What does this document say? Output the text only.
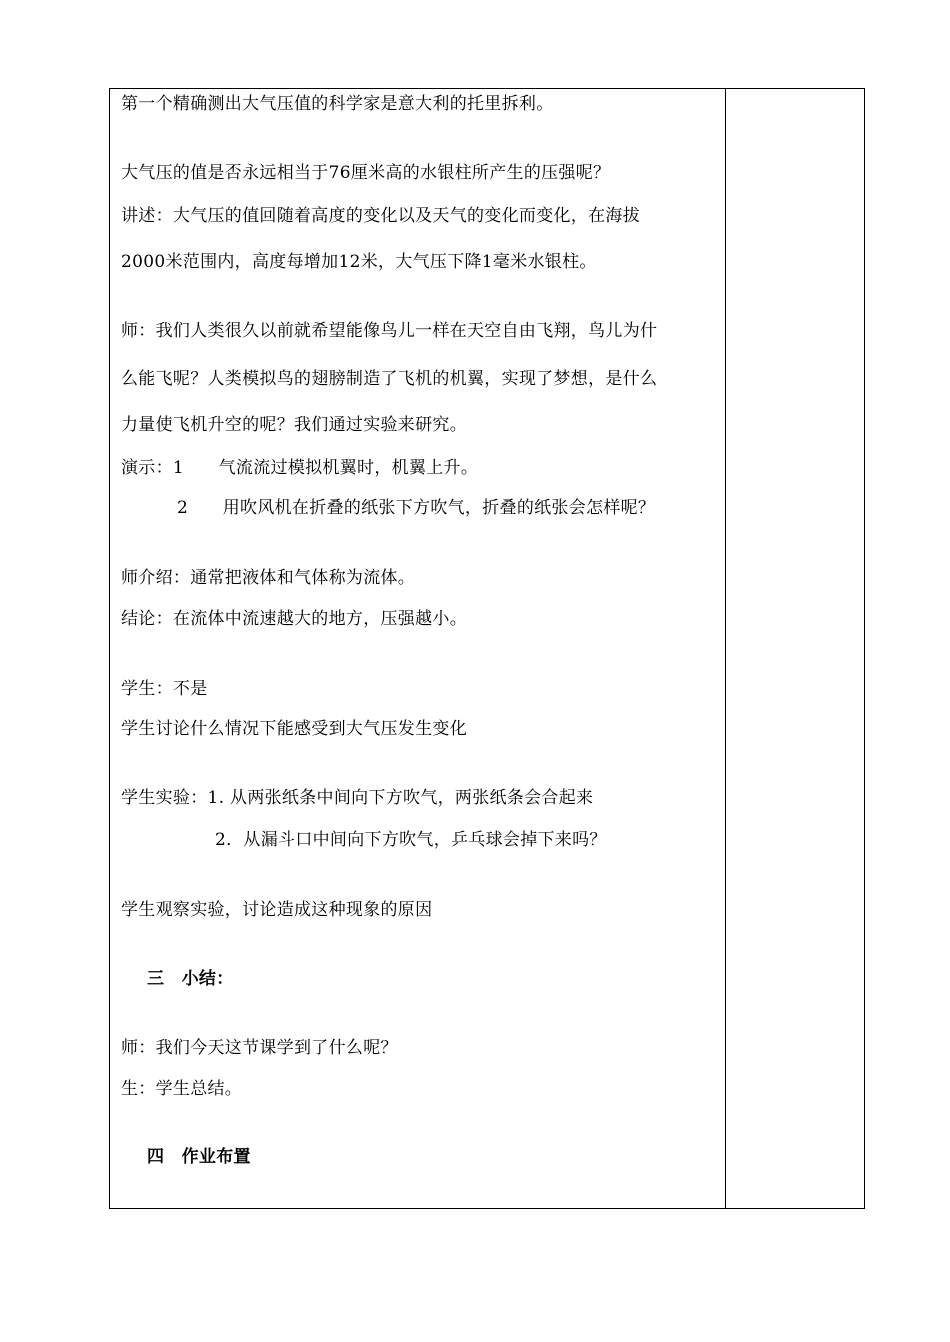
第一个精确测出大气压值的科学家是意大利的托里拆利。
大气压的值是否永远相当于76厘米高的水银柱所产生的压强呢？
讲述：大气压的值回随着高度的变化以及天气的变化而变化，在海拔
2000米范围内，高度每增加12米，大气压下降1毫米水银柱。
师：我们人类很久以前就希望能像鸟儿一样在天空自由飞翔，鸟儿为什
么能飞呢？人类模拟鸟的翅膀制造了飞机的机翼，实现了梦想，是什么
力量使飞机升空的呢？我们通过实验来研究。
演示：1　　气流流过模拟机翼时，机翼上升。
2　　用吹风机在折叠的纸张下方吹气，折叠的纸张会怎样呢？
师介绍：通常把液体和气体称为流体。
结论：在流体中流速越大的地方，压强越小。
学生：不是
学生讨论什么情况下能感受到大气压发生变化
学生实验：1. 从两张纸条中间向下方吹气，两张纸条会合起来
2．从漏斗口中间向下方吹气，乒乓球会掉下来吗？
学生观察实验，讨论造成这种现象的原因
三　小结：
师：我们今天这节课学到了什么呢？
生：学生总结。
四　作业布置
